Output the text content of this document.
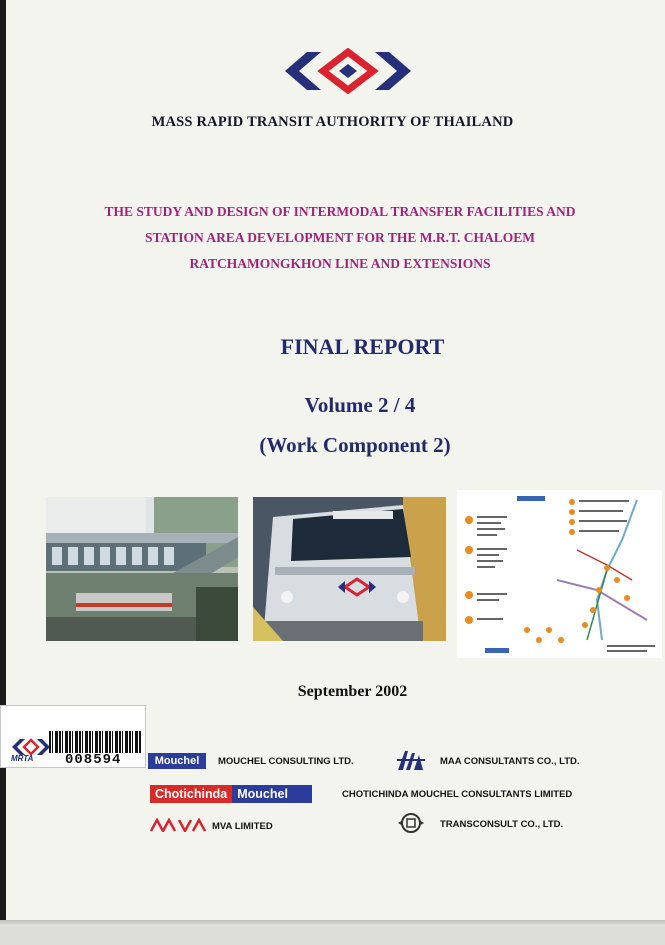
MASS RAPID TRANSIT AUTHORITY OF THAILAND
THE STUDY AND DESIGN OF INTERMODAL TRANSFER FACILITIES AND
STATION AREA DEVELOPMENT FOR THE M.R.T. CHALOEM
RATCHAMONGKHON LINE AND EXTENSIONS
FINAL REPORT
Volume 2 / 4
(Work Component 2)
September 2002
MRTA 008594	Mouchel	MOUCHEL CONSULTING LTD.	MAA CONSULTANTS CO., LTD.
Chotichinda Mouchel	CHOTICHINDA MOUCHEL CONSULTANTS LIMITED
MVA LIMITED	TRANSCONSULT CO., LTD.
